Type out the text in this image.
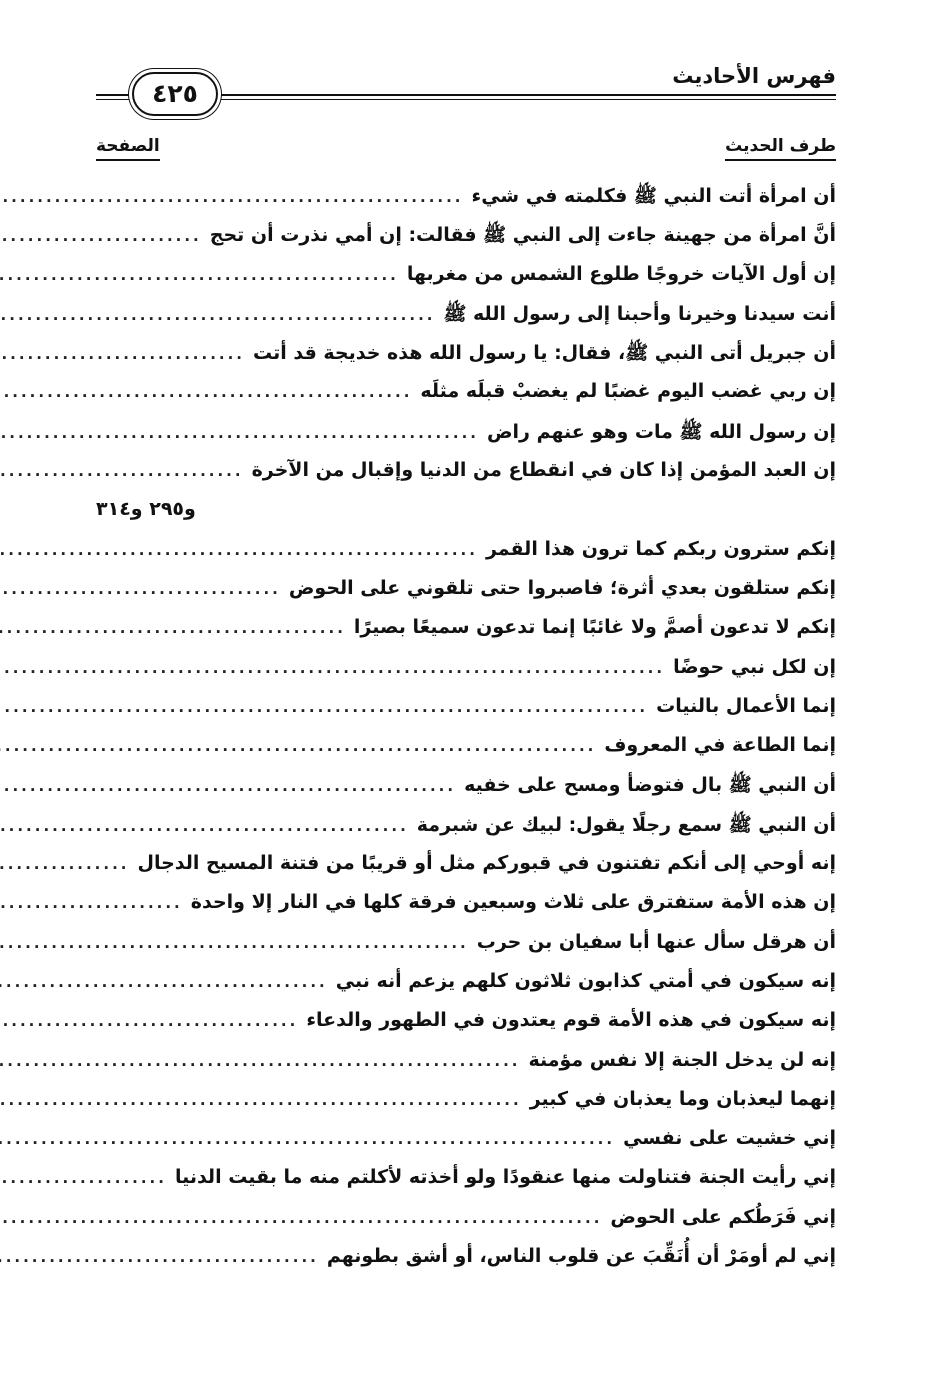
٤٢٥
فهرس الأحاديث
طرف الحديث
الصفحة
أن امرأة أتت النبي ﷺ فكلمته في شيء
.....
أنَّ امرأة من جهينة جاءت إلى النبي ﷺ فقالت: إن أمي نذرت أن تحج
.....
إن أول الآيات خروجًا طلوع الشمس من مغربها
.....
أنت سيدنا وخيرنا وأحبنا إلى رسول الله ﷺ
.....
أن جبريل أتى النبي ﷺ، فقال: يا رسول الله هذه خديجة قد أتت
.....
إن ربي غضب اليوم غضبًا لم يغضبْ قبلَه مثلَه
.....
إن رسول الله ﷺ مات وهو عنهم راض
.....
إن العبد المؤمن إذا كان في انقطاع من الدنيا وإقبال من الآخرة
.....
و٢٩٥ و٣١٤
إنكم سترون ربكم كما ترون هذا القمر
.....
إنكم ستلقون بعدي أثرة؛ فاصبروا حتى تلقوني على الحوض
.....
إنكم لا تدعون أصمَّ ولا غائبًا إنما تدعون سميعًا بصيرًا
.....
إن لكل نبي حوضًا
.....
إنما الأعمال بالنيات
.....
إنما الطاعة في المعروف
.....
أن النبي ﷺ بال فتوضأ ومسح على خفيه
.....
أن النبي ﷺ سمع رجلًا يقول: لبيك عن شبرمة
.....
إنه أوحي إلى أنكم تفتنون في قبوركم مثل أو قريبًا من فتنة المسيح الدجال
.....
إن هذه الأمة ستفترق على ثلاث وسبعين فرقة كلها في النار إلا واحدة
.....
أن هرقل سأل عنها أبا سفيان بن حرب
.....
إنه سيكون في أمتي كذابون ثلاثون كلهم يزعم أنه نبي
.....
إنه سيكون في هذه الأمة قوم يعتدون في الطهور والدعاء
.....
إنه لن يدخل الجنة إلا نفس مؤمنة
.....
إنهما ليعذبان وما يعذبان في كبير
.....
إني خشيت على نفسي
.....
إني رأيت الجنة فتناولت منها عنقودًا ولو أخذته لأكلتم منه ما بقيت الدنيا
.....
إني فَرَطُكم على الحوض
.....
إني لم أومَرْ أن أُنَقِّبَ عن قلوب الناس، أو أشق بطونهم
.....
